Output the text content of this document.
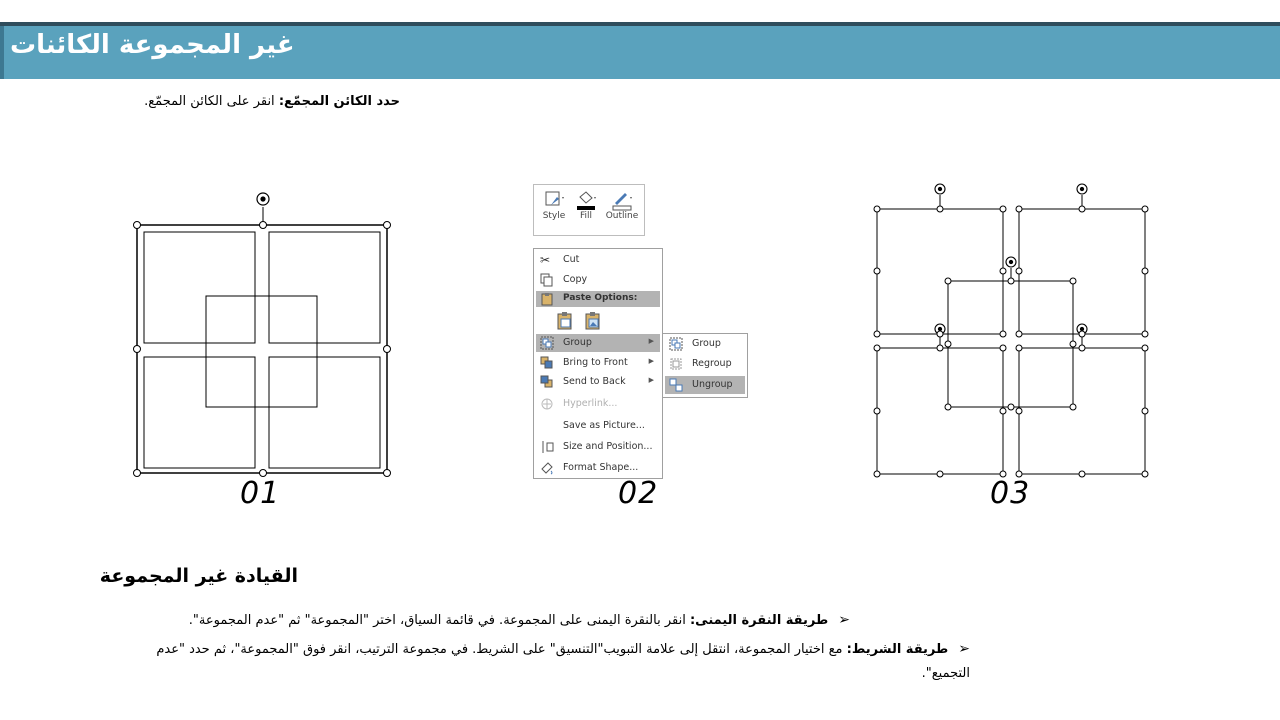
غير المجموعة الكائنات
حدد الكائن المجمّع: انقر على الكائن المجمّع.
01
Style	Fill	Outline
✂	Cut
Copy
Paste Options:
Group	▶
Bring to Front	▶
Send to Back	▶
Hyperlink...
Save as Picture...
Size and Position...
Format Shape...
Group
Regroup
Ungroup
02	03
القيادة غير المجموعة
➢طريقة النقرة اليمنى: انقر بالنقرة اليمنى على المجموعة. في قائمة السياق، اختر "المجموعة" ثم "عدم المجموعة".
➢طريقة الشريط: مع اختيار المجموعة، انتقل إلى علامة التبويب"التنسيق" على الشريط. في مجموعة الترتيب، انقر فوق "المجموعة"، ثم حدد "عدم التجميع".
